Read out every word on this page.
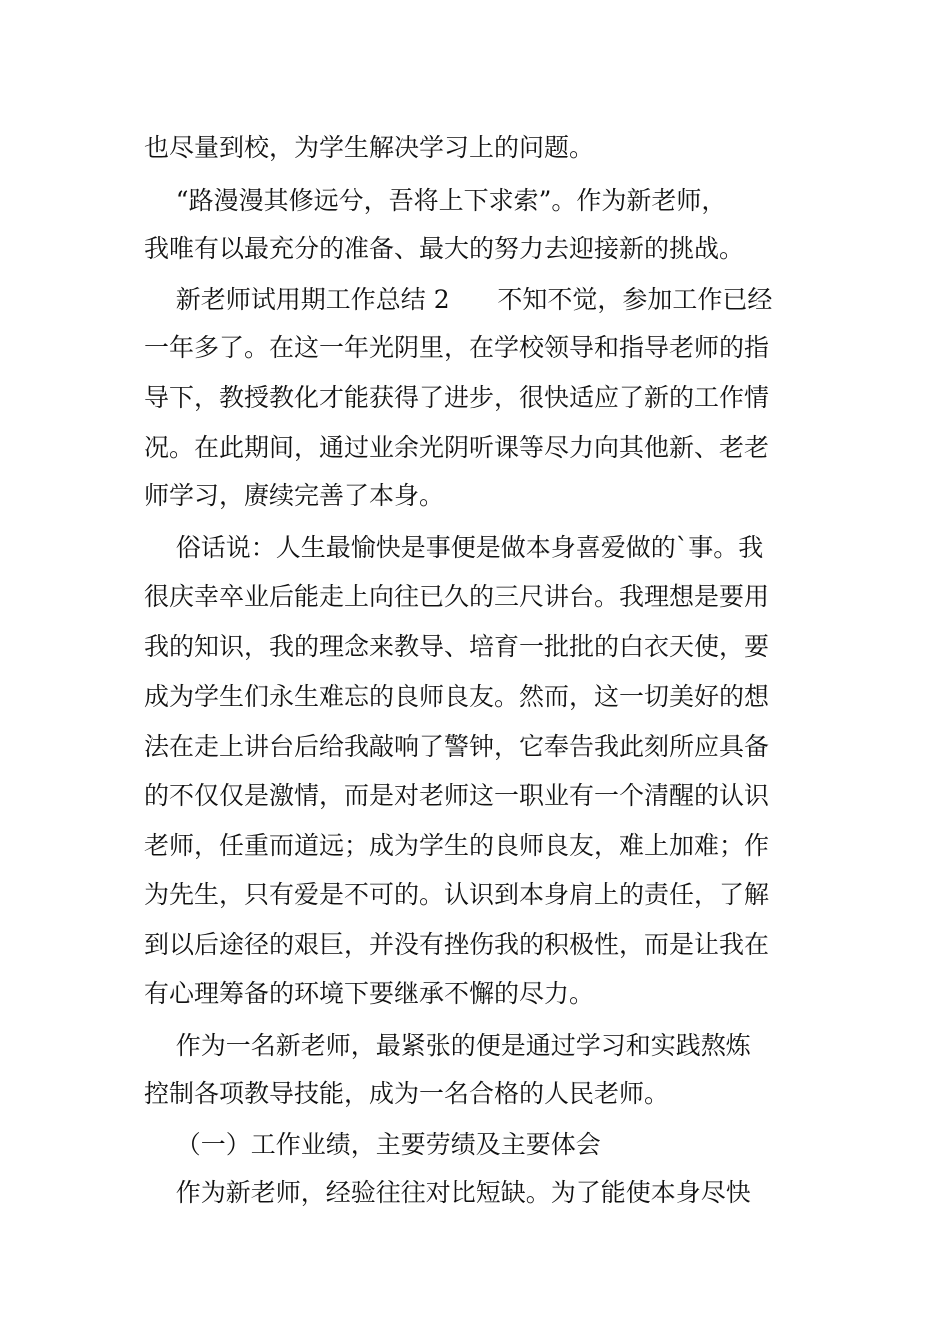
也尽量到校，为学生解决学习上的问题。

“路漫漫其修远兮，吾将上下求索”。作为新老师，

我唯有以最充分的准备、最大的努力去迎接新的挑战。

新老师试用期工作总结 2      不知不觉，参加工作已经

一年多了。在这一年光阴里，在学校领导和指导老师的指

导下，教授教化才能获得了进步，很快适应了新的工作情

况。在此期间，通过业余光阴听课等尽力向其他新、老老

师学习，赓续完善了本身。

俗话说：人生最愉快是事便是做本身喜爱做的`事。我

很庆幸卒业后能走上向往已久的三尺讲台。我理想是要用

我的知识，我的理念来教导、培育一批批的白衣天使，要

成为学生们永生难忘的良师良友。然而，这一切美好的想

法在走上讲台后给我敲响了警钟，它奉告我此刻所应具备

的不仅仅是激情，而是对老师这一职业有一个清醒的认识

老师，任重而道远；成为学生的良师良友，难上加难；作

为先生，只有爱是不可的。认识到本身肩上的责任，了解

到以后途径的艰巨，并没有挫伤我的积极性，而是让我在

有心理筹备的环境下要继承不懈的尽力。

作为一名新老师，最紧张的便是通过学习和实践熬炼

控制各项教导技能，成为一名合格的人民老师。

（一）工作业绩，主要劳绩及主要体会

作为新老师，经验往往对比短缺。为了能使本身尽快
